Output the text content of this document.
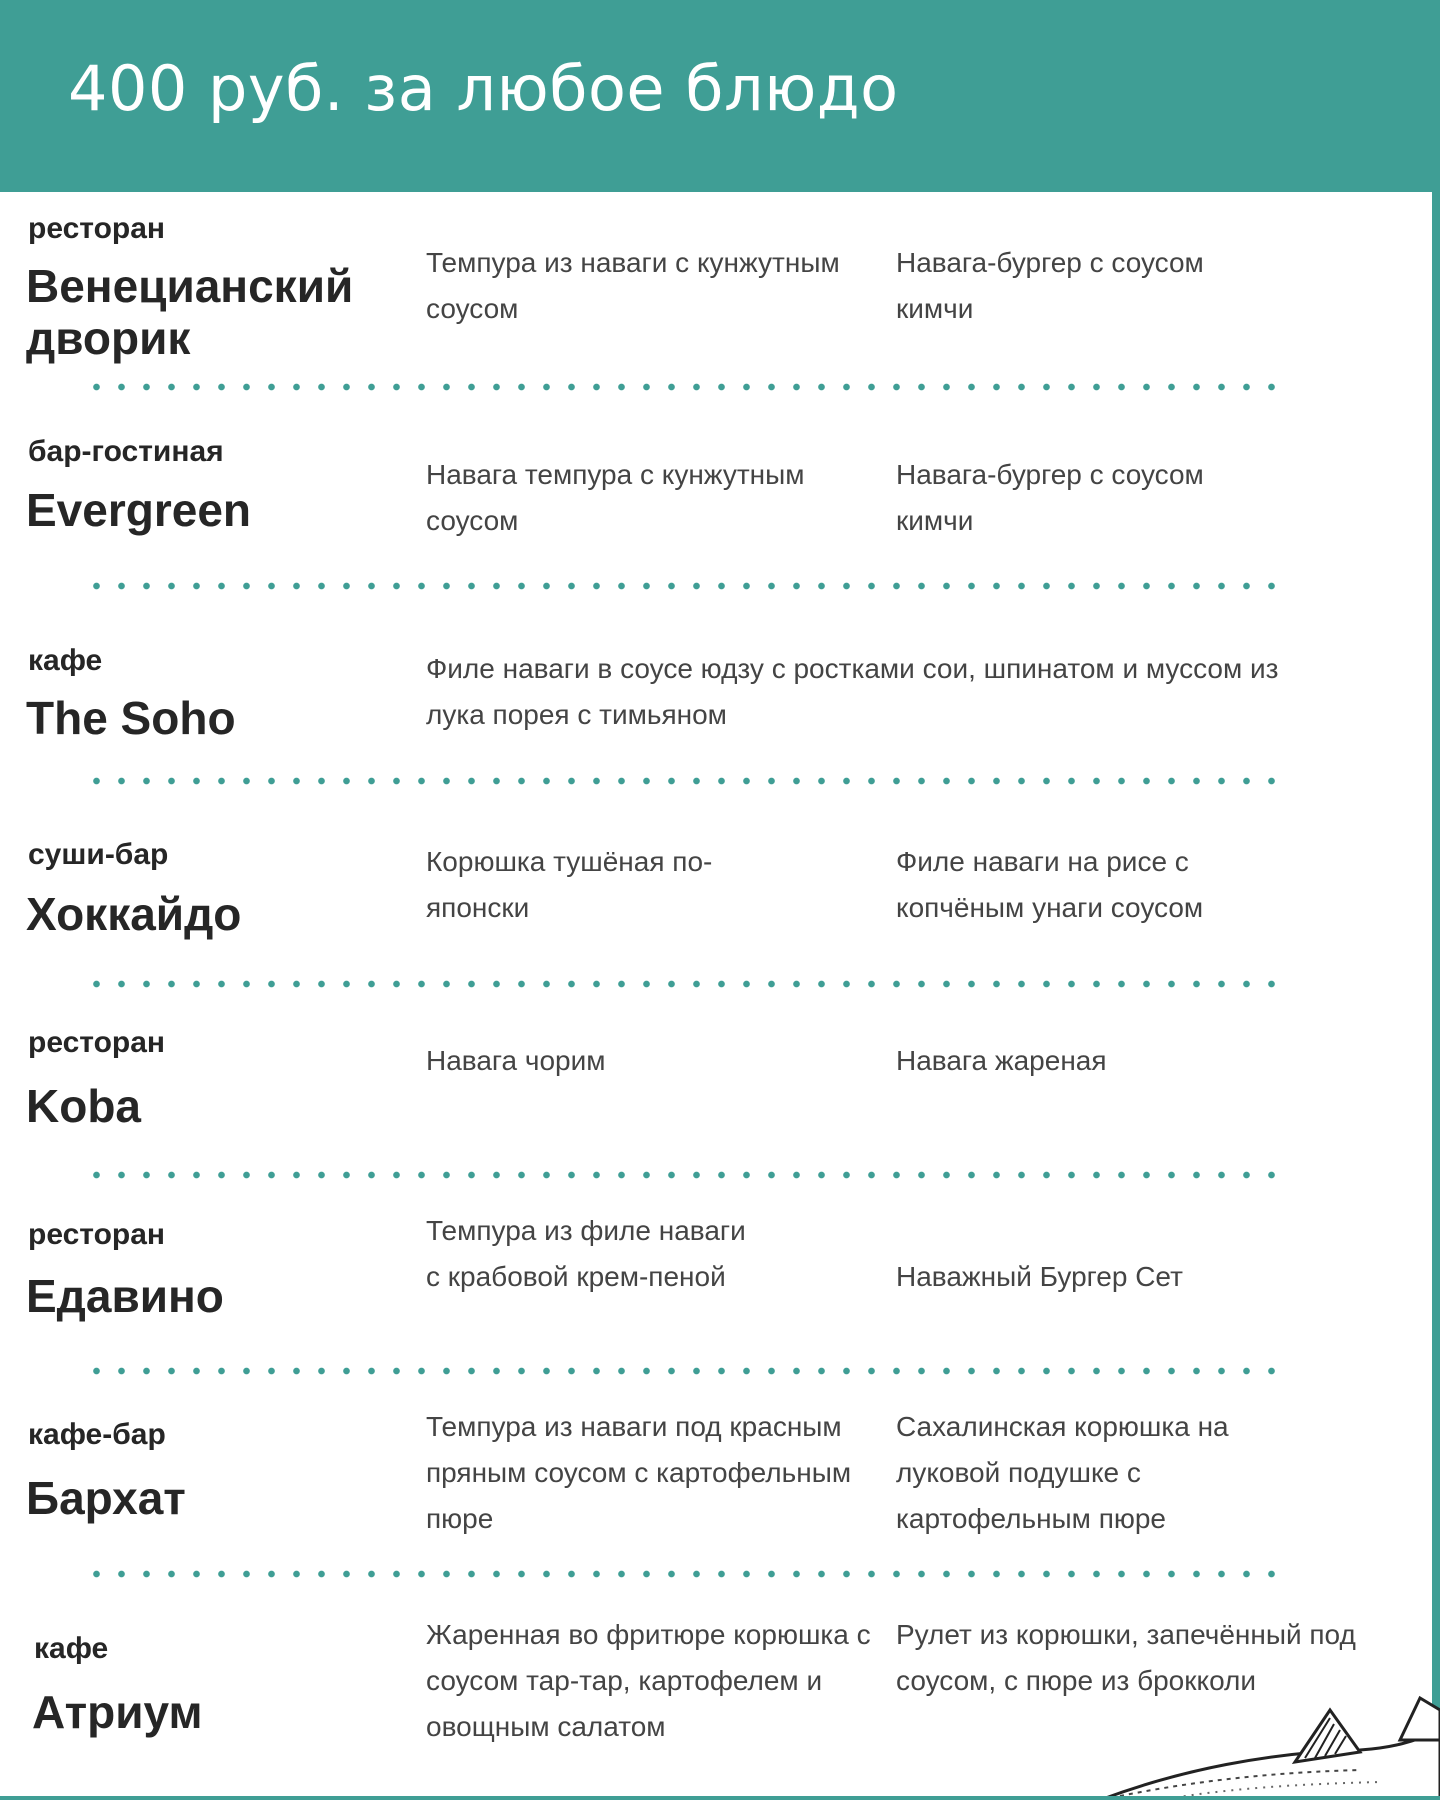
400 руб. за любое блюдо
ресторан
Венецианский дворик
Темпура из наваги с кунжутным соусом
Навага-бургер с соусом кимчи
бар-гостиная
Evergreen
Навага темпура с кунжутным соусом
Навага-бургер с соусом кимчи
кафе
The Soho
Филе наваги в соусе юдзу с ростками сои, шпинатом и муссом из лука порея с тимьяном
суши-бар
Хоккайдо
Корюшка тушёная по-японски
Филе наваги на рисе с копчёным унаги соусом
ресторан
Koba
Навага чорим	Навага жареная
ресторан
Едавино
Темпура из филе наваги с крабовой крем-пеной	Наважный Бургер Сет
кафе-бар
Бархат
Темпура из наваги под красным пряным соусом с картофельным пюре
Сахалинская корюшка на луковой подушке с картофельным пюре
кафе
Атриум
Жаренная во фритюре корюшка с соусом тар-тар, картофелем и овощным салатом
Рулет из корюшки, запечённый под соусом, с пюре из брокколи
